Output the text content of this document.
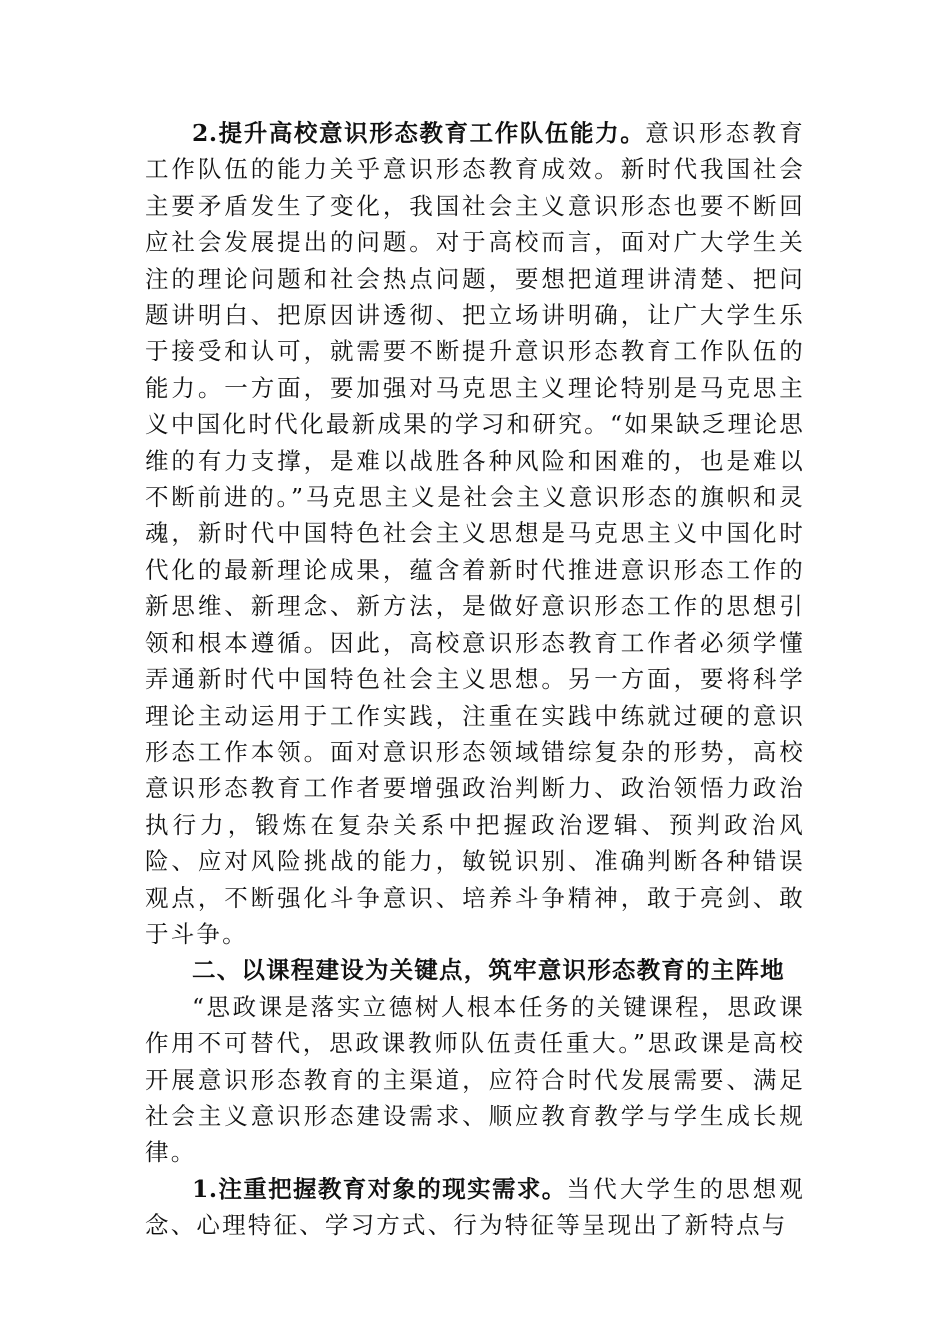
2.提升高校意识形态教育工作队伍能力。意识形态教育工作队伍的能力关乎意识形态教育成效。新时代我国社会主要矛盾发生了变化，我国社会主义意识形态也要不断回应社会发展提出的问题。对于高校而言，面对广大学生关注的理论问题和社会热点问题，要想把道理讲清楚、把问题讲明白、把原因讲透彻、把立场讲明确，让广大学生乐于接受和认可，就需要不断提升意识形态教育工作队伍的能力。一方面，要加强对马克思主义理论特别是马克思主义中国化时代化最新成果的学习和研究。“如果缺乏理论思维的有力支撑，是难以战胜各种风险和困难的，也是难以不断前进的。”马克思主义是社会主义意识形态的旗帜和灵魂，新时代中国特色社会主义思想是马克思主义中国化时代化的最新理论成果，蕴含着新时代推进意识形态工作的新思维、新理念、新方法，是做好意识形态工作的思想引领和根本遵循。因此，高校意识形态教育工作者必须学懂弄通新时代中国特色社会主义思想。另一方面，要将科学理论主动运用于工作实践，注重在实践中练就过硬的意识形态工作本领。面对意识形态领域错综复杂的形势，高校意识形态教育工作者要增强政治判断力、政治领悟力政治执行力，锻炼在复杂关系中把握政治逻辑、预判政治风险、应对风险挑战的能力，敏锐识别、准确判断各种错误观点，不断强化斗争意识、培养斗争精神，敢于亮剑、敢于斗争。

二、以课程建设为关键点，筑牢意识形态教育的主阵地

“思政课是落实立德树人根本任务的关键课程，思政课作用不可替代，思政课教师队伍责任重大。”思政课是高校开展意识形态教育的主渠道，应符合时代发展需要、满足社会主义意识形态建设需求、顺应教育教学与学生成长规律。

1.注重把握教育对象的现实需求。当代大学生的思想观念、心理特征、学习方式、行为特征等呈现出了新特点与
